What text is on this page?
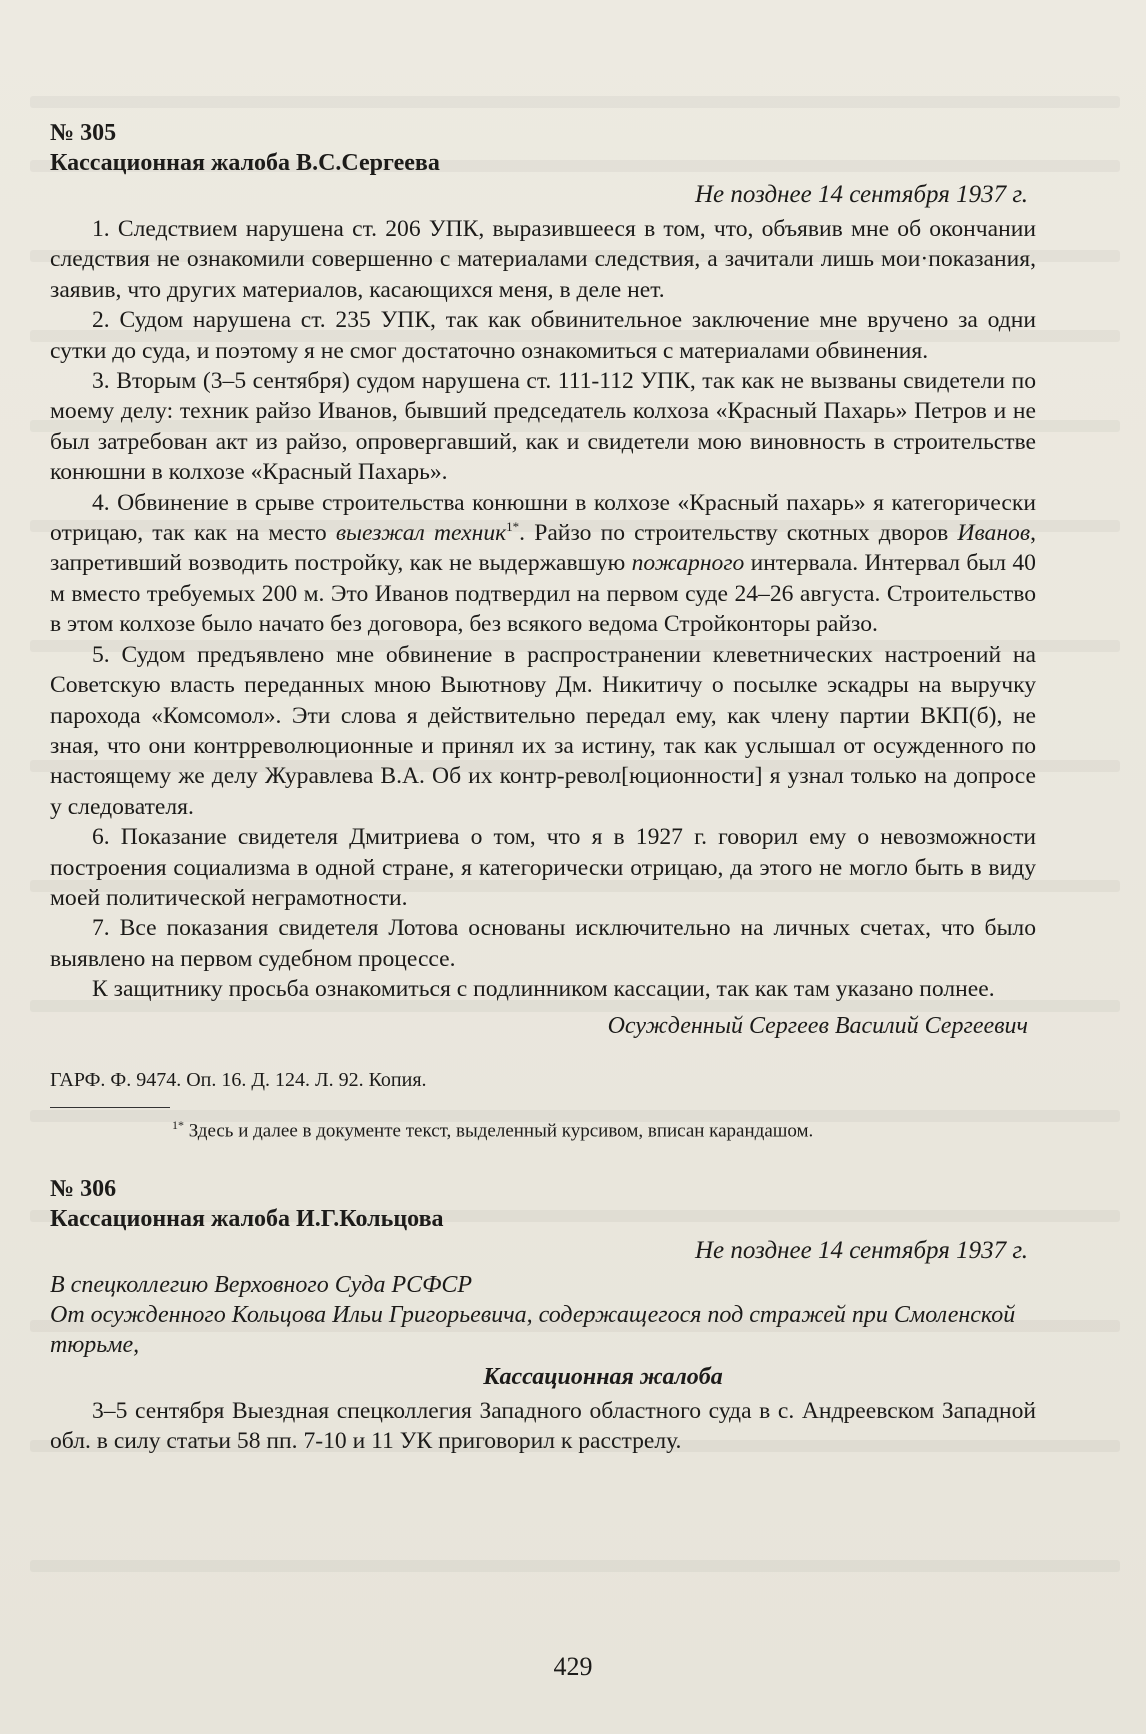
№ 305

Кассационная жалоба В.С.Сергеева

Не позднее 14 сентября 1937 г.

1. Следствием нарушена ст. 206 УПК, выразившееся в том, что, объявив мне об окончании следствия не ознакомили совершенно с материалами следствия, а зачитали лишь мои·показания, заявив, что других материалов, касающихся меня, в деле нет.

2. Судом нарушена ст. 235 УПК, так как обвинительное заключение мне вручено за одни сутки до суда, и поэтому я не смог достаточно ознакомиться с материалами обвинения.

3. Вторым (3–5 сентября) судом нарушена ст. 111-112 УПК, так как не вызваны свидетели по моему делу: техник райзо Иванов, бывший председатель колхоза «Красный Пахарь» Петров и не был затребован акт из райзо, опровергавший, как и свидетели мою виновность в строительстве конюшни в колхозе «Красный Пахарь».

4. Обвинение в срыве строительства конюшни в колхозе «Красный пахарь» я категорически отрицаю, так как на место выезжал техник$^{1*}$. Райзо по строительству скотных дворов Иванов, запретивший возводить постройку, как не выдержавшую пожарного интервала. Интервал был 40 м вместо требуемых 200 м. Это Иванов подтвердил на первом суде 24–26 августа. Строительство в этом колхозе было начато без договора, без всякого ведома Стройконторы райзо.

5. Судом предъявлено мне обвинение в распространении клеветнических настроений на Советскую власть переданных мною Выютнову Дм. Никитичу о посылке эскадры на выручку парохода «Комсомол». Эти слова я действительно передал ему, как члену партии ВКП(б), не зная, что они контрреволюционные и принял их за истину, так как услышал от осужденного по настоящему же делу Журавлева В.А. Об их контр-револ[юционности] я узнал только на допросе у следователя.

6. Показание свидетеля Дмитриева о том, что я в 1927 г. говорил ему о невозможности построения социализма в одной стране, я категорически отрицаю, да этого не могло быть в виду моей политической неграмотности.

7. Все показания свидетеля Лотова основаны исключительно на личных счетах, что было выявлено на первом судебном процессе.

К защитнику просьба ознакомиться с подлинником кассации, так как там указано полнее.

Осужденный Сергеев Василий Сергеевич

ГАРФ. Ф. 9474. Оп. 16. Д. 124. Л. 92. Копия.

$^{1*}$ Здесь и далее в документе текст, выделенный курсивом, вписан карандашом.

№ 306

Кассационная жалоба И.Г.Кольцова

Не позднее 14 сентября 1937 г.

В спецколлегию Верховного Суда РСФСР

От осужденного Кольцова Ильи Григорьевича, содержащегося под стражей при Смоленской тюрьме,

Кассационная жалоба

3–5 сентября Выездная спецколлегия Западного областного суда в с. Андреевском Западной обл. в силу статьи 58 пп. 7-10 и 11 УК приговорил к расстрелу.

429
